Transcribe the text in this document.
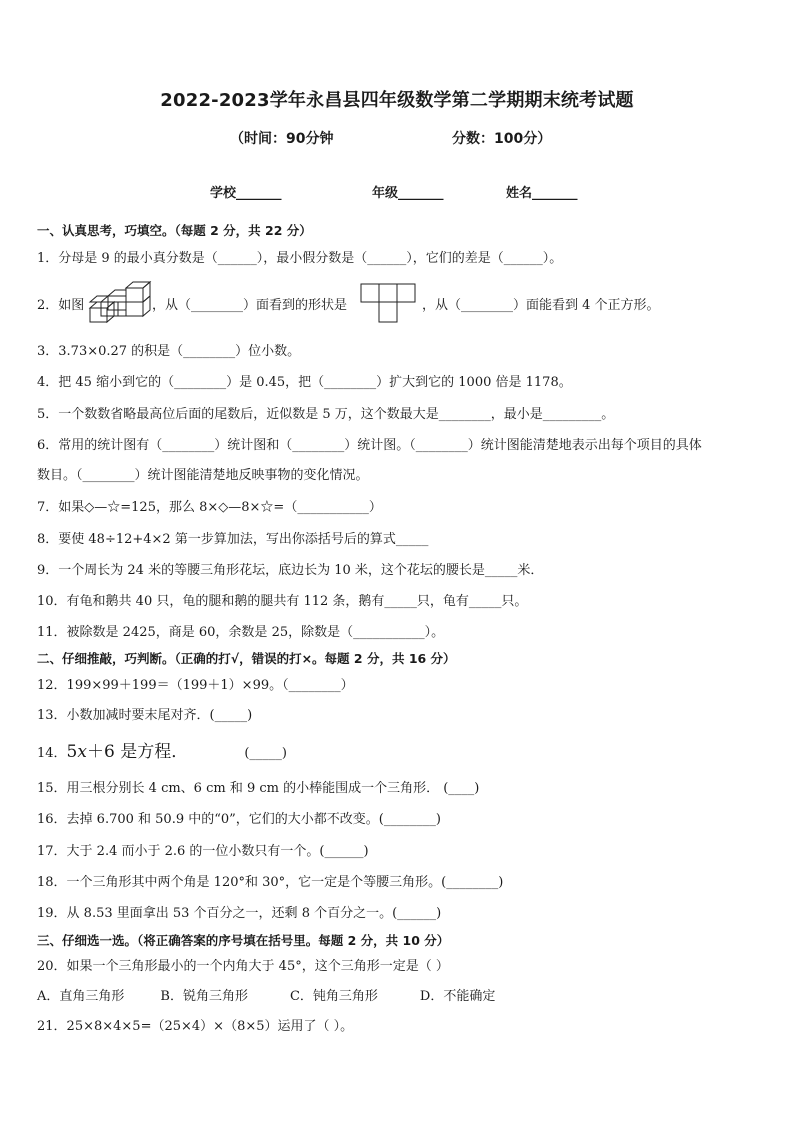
2022-2023学年永昌县四年级数学第二学期期末统考试题
（时间：90分钟	分数：100分）
学校_______	年级_______	姓名_______
一、认真思考，巧填空。（每题 2 分，共 22 分）
1．分母是 9 的最小真分数是（______），最小假分数是（______），它们的差是（______）。
2．如图	，从（________）面看到的形状是	，从（________）面能看到 4 个正方形。
3．3.73×0.27 的积是（________）位小数。
4．把 45 缩小到它的（________）是 0.45，把（________）扩大到它的 1000 倍是 1178。
5．一个数数省略最高位后面的尾数后，近似数是 5 万，这个数最大是________，最小是_________。
6．常用的统计图有（________）统计图和（________）统计图。（________）统计图能清楚地表示出每个项目的具体
数目。（________）统计图能清楚地反映事物的变化情况。
7．如果◇—☆=125，那么 8×◇—8×☆=（___________）
8．要使 48÷12+4×2 第一步算加法，写出你添括号后的算式_____
9．一个周长为 24 米的等腰三角形花坛，底边长为 10 米，这个花坛的腰长是_____米．
10．有龟和鹅共 40 只，龟的腿和鹅的腿共有 112 条，鹅有_____只，龟有_____只。
11．被除数是 2425，商是 60，余数是 25，除数是（___________）。
二、仔细推敲，巧判断。（正确的打√，错误的打×。每题 2 分，共 16 分）
12．199×99＋199＝（199＋1）×99。（________）
13．小数加减时要末尾对齐．(_____)
14．5x＋6 是方程．	(_____)
15．用三根分别长 4 cm、6 cm 和 9 cm 的小棒能围成一个三角形． (____)
16．去掉 6.700 和 50.9 中的“0”，它们的大小都不改变。(________)
17．大于 2.4 而小于 2.6 的一位小数只有一个。(______)
18．一个三角形其中两个角是 120°和 30°，它一定是个等腰三角形。(________)
19．从 8.53 里面拿出 53 个百分之一，还剩 8 个百分之一。(______)
三、仔细选一选。（将正确答案的序号填在括号里。每题 2 分，共 10 分）
20．如果一个三角形最小的一个内角大于 45°，这个三角形一定是（ ）
A．直角三角形	B．锐角三角形	C．钝角三角形	D．不能确定
21．25×8×4×5=（25×4）×（8×5）运用了（ ）。
